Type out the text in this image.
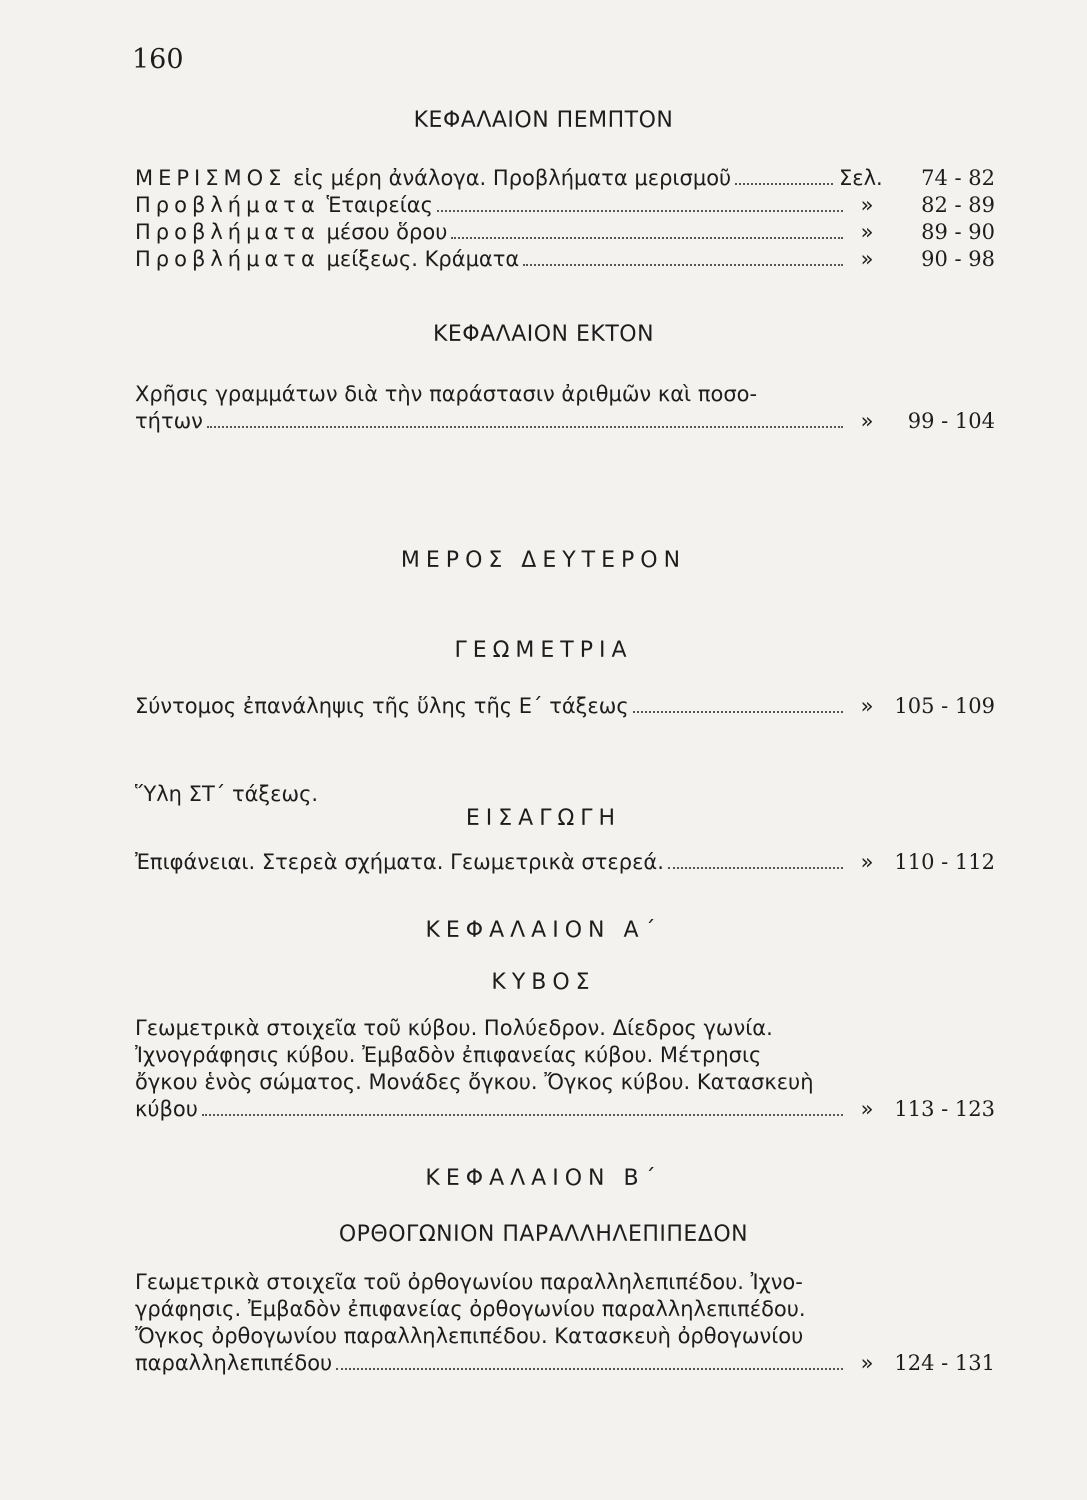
160
ΚΕΦΑΛΑΙΟΝ ΠΕΜΠΤΟΝ
ΜΕΡΙΣΜΟΣ εἰς μέρη ἀνάλογα. Προβλήματα μερισμοῦ	Σελ.	74 - 82
Προβλήματα Ἑταιρείας	»	82 - 89
Προβλήματα μέσου ὅρου	»	89 - 90
Προβλήματα μείξεως. Κράματα	»	90 - 98
ΚΕΦΑΛΑΙΟΝ ΕΚΤΟΝ
Χρῆσις γραμμάτων διὰ τὴν παράστασιν ἀριθμῶν καὶ ποσο-
τήτων	»	99 - 104
ΜΕΡΟΣ ΔΕΥΤΕΡΟΝ
ΓΕΩΜΕΤΡΙΑ
Σύντομος ἐπανάληψις τῆς ὕλης τῆς Ε΄ τάξεως	» 105 - 109
Ὕλη ΣΤ΄ τάξεως.
ΕΙΣΑΓΩΓΗ
Ἐπιφάνειαι. Στερεὰ σχήματα. Γεωμετρικὰ στερεά.	» 110 - 112
ΚΕΦΑΛΑΙΟΝ Α΄
ΚΥΒΟΣ
Γεωμετρικὰ στοιχεῖα τοῦ κύβου. Πολύεδρον. Δίεδρος γωνία.
Ἰχνογράφησις κύβου. Ἐμβαδὸν ἐπιφανείας κύβου. Μέτρησις
ὄγκου ἑνὸς σώματος. Μονάδες ὄγκου. Ὄγκος κύβου. Κατασκευὴ
κύβου	» 113 - 123
ΚΕΦΑΛΑΙΟΝ Β΄
ΟΡΘΟΓΩΝΙΟΝ ΠΑΡΑΛΛΗΛΕΠΙΠΕΔΟΝ
Γεωμετρικὰ στοιχεῖα τοῦ ὀρθογωνίου παραλληλεπιπέδου. Ἰχνο-
γράφησις. Ἐμβαδὸν ἐπιφανείας ὀρθογωνίου παραλληλεπιπέδου.
Ὄγκος ὀρθογωνίου παραλληλεπιπέδου. Κατασκευὴ ὀρθογωνίου
παραλληλεπιπέδου	» 124 - 131
